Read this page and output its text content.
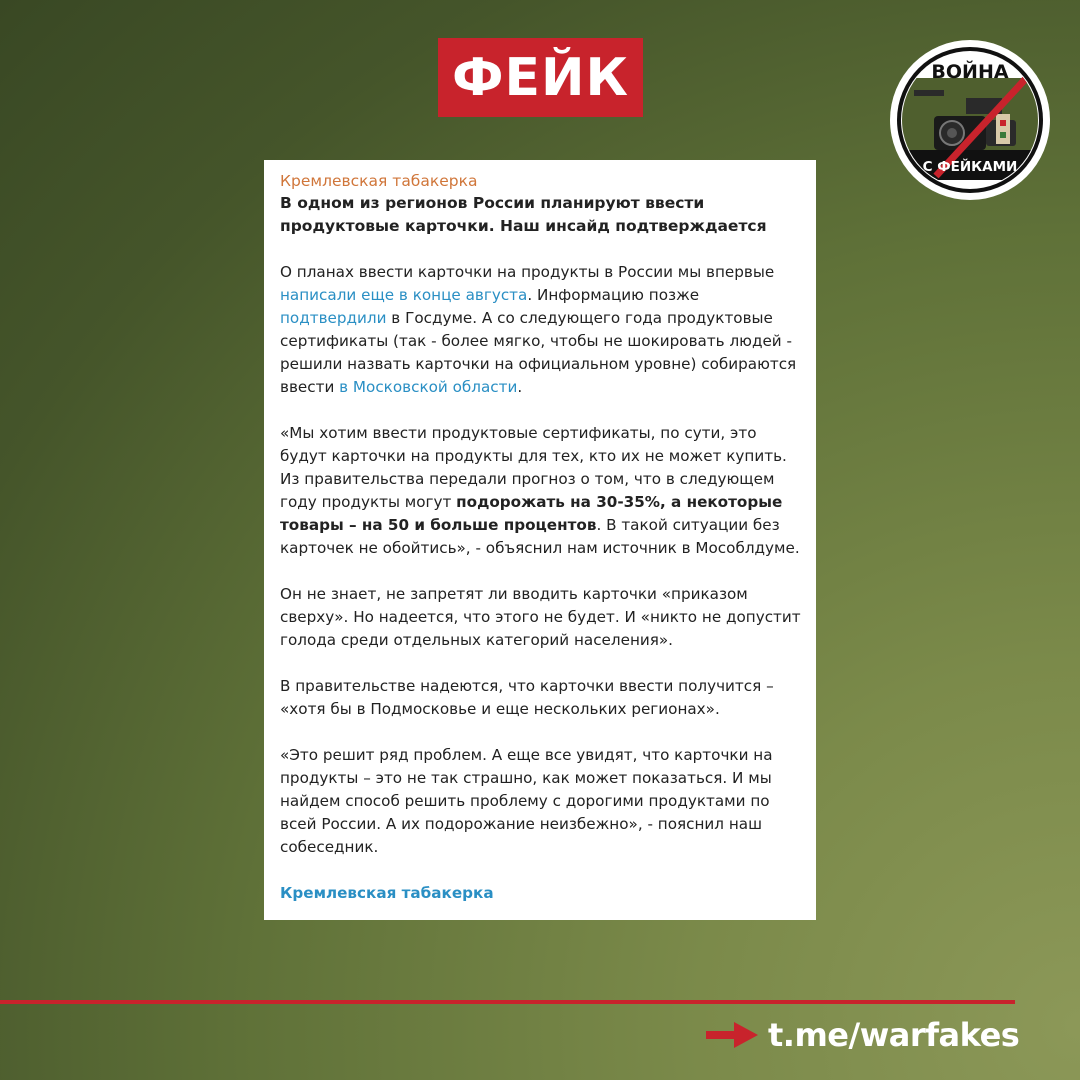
ФЕЙК	ВОЙНА
С ФЕЙКАМИ
Кремлевская табакерка
В одном из регионов России планируют ввести продуктовые карточки. Наш инсайд подтверждается
О планах ввести карточки на продукты в России мы впервые написали еще в конце августа. Информацию позже подтвердили в Госдуме. А со следующего года продуктовые сертификаты (так - более мягко, чтобы не шокировать людей - решили назвать карточки на официальном уровне) собираются ввести в Московской области.
«Мы хотим ввести продуктовые сертификаты, по сути, это будут карточки на продукты для тех, кто их не может купить. Из правительства передали прогноз о том, что в следующем году продукты могут подорожать на 30-35%, а некоторые товары – на 50 и больше процентов. В такой ситуации без карточек не обойтись», - объяснил нам источник в Мособлдуме.
Он не знает, не запретят ли вводить карточки «приказом сверху». Но надеется, что этого не будет. И «никто не допустит голода среди отдельных категорий населения».
В правительстве надеются, что карточки ввести получится – «хотя бы в Подмосковье и еще нескольких регионах».
«Это решит ряд проблем. А еще все увидят, что карточки на продукты – это не так страшно, как может показаться. И мы найдем способ решить проблему с дорогими продуктами по всей России. А их подорожание неизбежно», - пояснил наш собеседник.
Кремлевская табакерка
t.me/warfakes
